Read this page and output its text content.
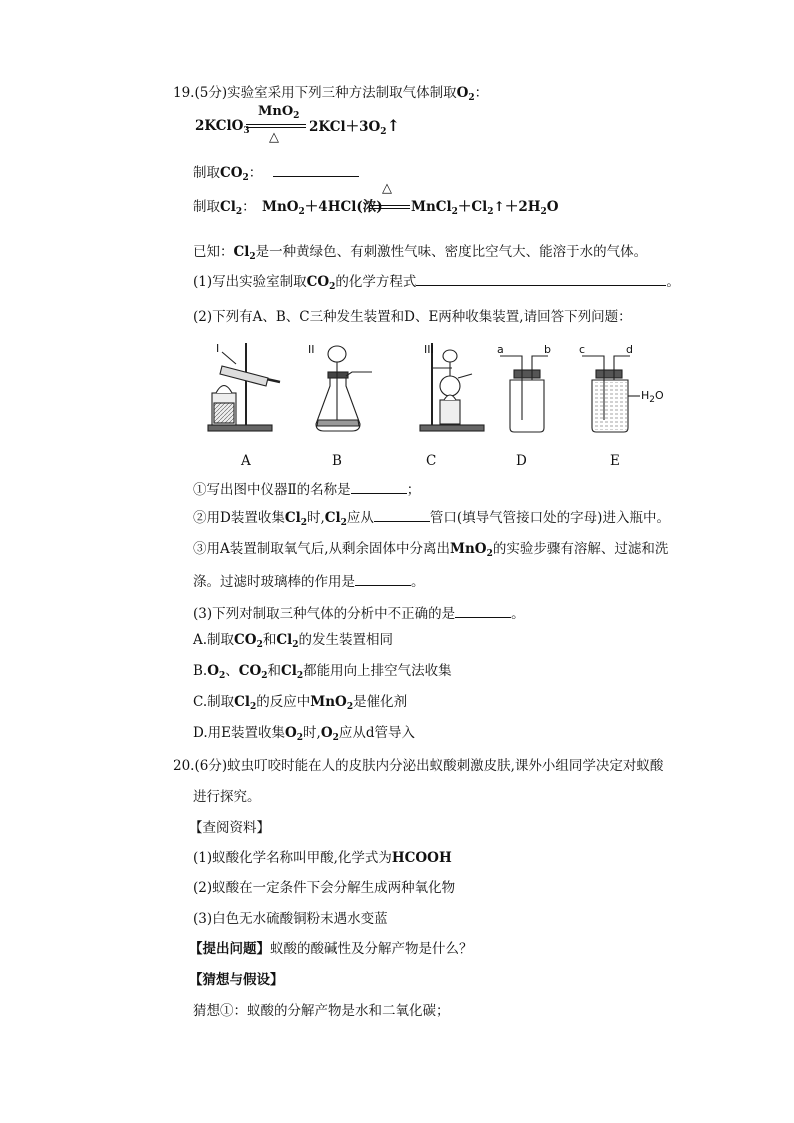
19.(5分)实验室采用下列三种方法制取气体制取$O_2$：
2KClO$_3$
MnO$_2$
△
$2KCl+3O_2↑$
制取$CO_2$：
制取$Cl_2$： MnO$_2$＋4HCl(浓)
△
$MnCl_2+Cl_2↑+2H_2O$
已知：$Cl_2$是一种黄绿色、有刺激性气味、密度比空气大、能溶于水的气体。
(1)写出实验室制取$CO_2$的化学方程式	。
(2)下列有A、B、C三种发生装置和D、E两种收集装置,请回答下列问题：
I	II	III	a	b	c	d
$H_2O$
A	B	C	D	E
①写出图中仪器Ⅱ的名称是	；
②用D装置收集$Cl_2$时$,Cl_2$应从	管口(填导气管接口处的字母)进入瓶中。
③用A装置制取氧气后,从剩余固体中分离出MnO$_2$的实验步骤有溶解、过滤和洗
涤。过滤时玻璃棒的作用是	。
(3)下列对制取三种气体的分析中不正确的是	。
A.制取$CO_2$和$Cl_2$的发生装置相同
$B.O_2$、$CO_2$和$Cl_2$都能用向上排空气法收集
C.制取$Cl_2$的反应中MnO$_2$是催化剂
D.用E装置收集$O_2$时$,O_2$应从d管导入
20.(6分)蚊虫叮咬时能在人的皮肤内分泌出蚁酸刺激皮肤,课外小组同学决定对蚁酸
进行探究。
【查阅资料】
(1)蚁酸化学名称叫甲酸,化学式为HCOOH
(2)蚁酸在一定条件下会分解生成两种氧化物
(3)白色无水硫酸铜粉末遇水变蓝
【提出问题】蚁酸的酸碱性及分解产物是什么？
【猜想与假设】
猜想①：蚁酸的分解产物是水和二氧化碳；
